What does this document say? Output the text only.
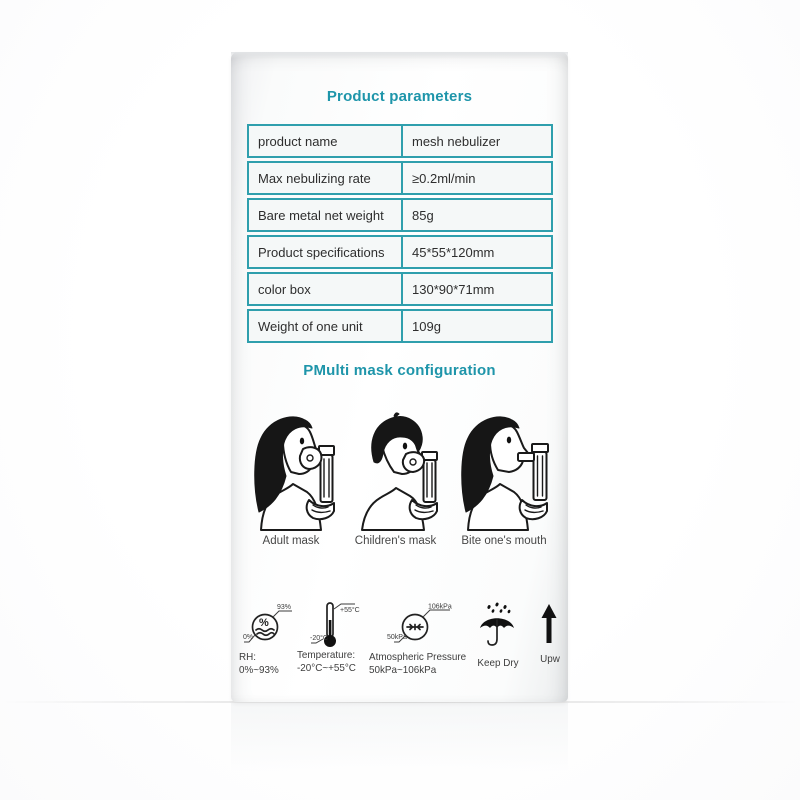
Product parameters
product name	mesh nebulizer
Max nebulizing rate	≥0.2ml/min
Bare metal net weight	85g
Product specifications	45*55*120mm
color box	130*90*71mm
Weight of one unit	109g
PMulti mask configuration
Adult mask	Children's mask Bite one's mouth
%
93%
0%
RH:
0%~93%
+55°C
-20°C
Temperature:
-20°C~+55°C
106kPa
50kPa
Atmospheric Pressure
50kPa~106kPa
Keep Dry	Upw
